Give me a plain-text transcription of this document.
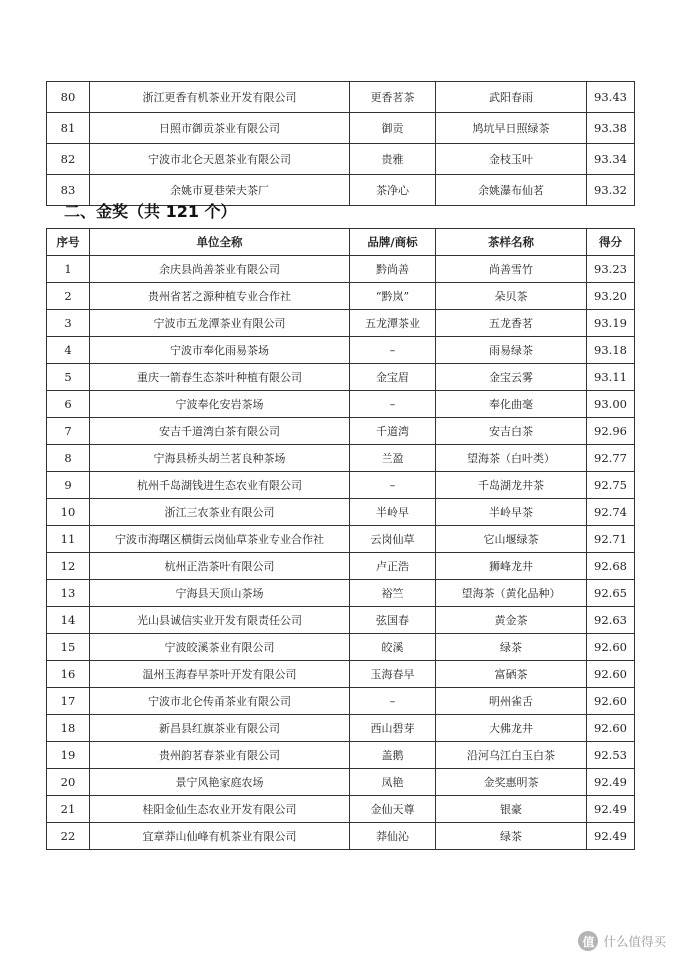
80	浙江更香有机茶业开发有限公司	更香茗茶	武阳春雨	93.43
81	日照市御贡茶业有限公司	御贡	鸠坑早日照绿茶	93.38
82	宁波市北仑天恩茶业有限公司	贵雅	金枝玉叶	93.34
83	余姚市夏巷荣夫茶厂	茶净心	余姚瀑布仙茗	93.32
二、金奖（共 121 个）
序号	单位全称	品牌/商标	茶样名称	得分
1	余庆县尚善茶业有限公司	黔尚善	尚善雪竹	93.23
2	贵州省茗之源种植专业合作社	“黔岚”	朵贝茶	93.20
3	宁波市五龙潭茶业有限公司	五龙潭茶业	五龙香茗	93.19
4	宁波市奉化雨易茶场	–	雨易绿茶	93.18
5	重庆一箭春生态茶叶种植有限公司	金宝眉	金宝云雾	93.11
6	宁波奉化安岩茶场	–	奉化曲毫	93.00
7	安吉千道湾白茶有限公司	千道湾	安吉白茶	92.96
8	宁海县桥头胡兰茗良种茶场	兰盈	望海茶（白叶类）	92.77
9	杭州千岛湖钱进生态农业有限公司	–	千岛湖龙井茶	92.75
10	浙江三农茶业有限公司	半岭早	半岭早茶	92.74
11	宁波市海曙区横街云岗仙草茶业专业合作社	云岗仙草	它山堰绿茶	92.71
12	杭州正浩茶叶有限公司	卢正浩	狮峰龙井	92.68
13	宁海县天顶山茶场	裕竺	望海茶（黄化品种）	92.65
14	光山县诚信实业开发有限责任公司	弦国春	黄金茶	92.63
15	宁波皎溪茶业有限公司	皎溪	绿茶	92.60
16	温州玉海春早茶叶开发有限公司	玉海春早	富硒茶	92.60
17	宁波市北仑传甬茶业有限公司	–	明州雀舌	92.60
18	新昌县红旗茶业有限公司	西山碧芽	大佛龙井	92.60
19	贵州韵茗春茶业有限公司	盖鹅	沿河乌江白玉白茶	92.53
20	景宁风艳家庭农场	凤艳	金奖惠明茶	92.49
21	桂阳金仙生态农业开发有限公司	金仙天尊	银豪	92.49
22	宜章莽山仙峰有机茶业有限公司	莽仙沁	绿茶	92.49
值 什么值得买
